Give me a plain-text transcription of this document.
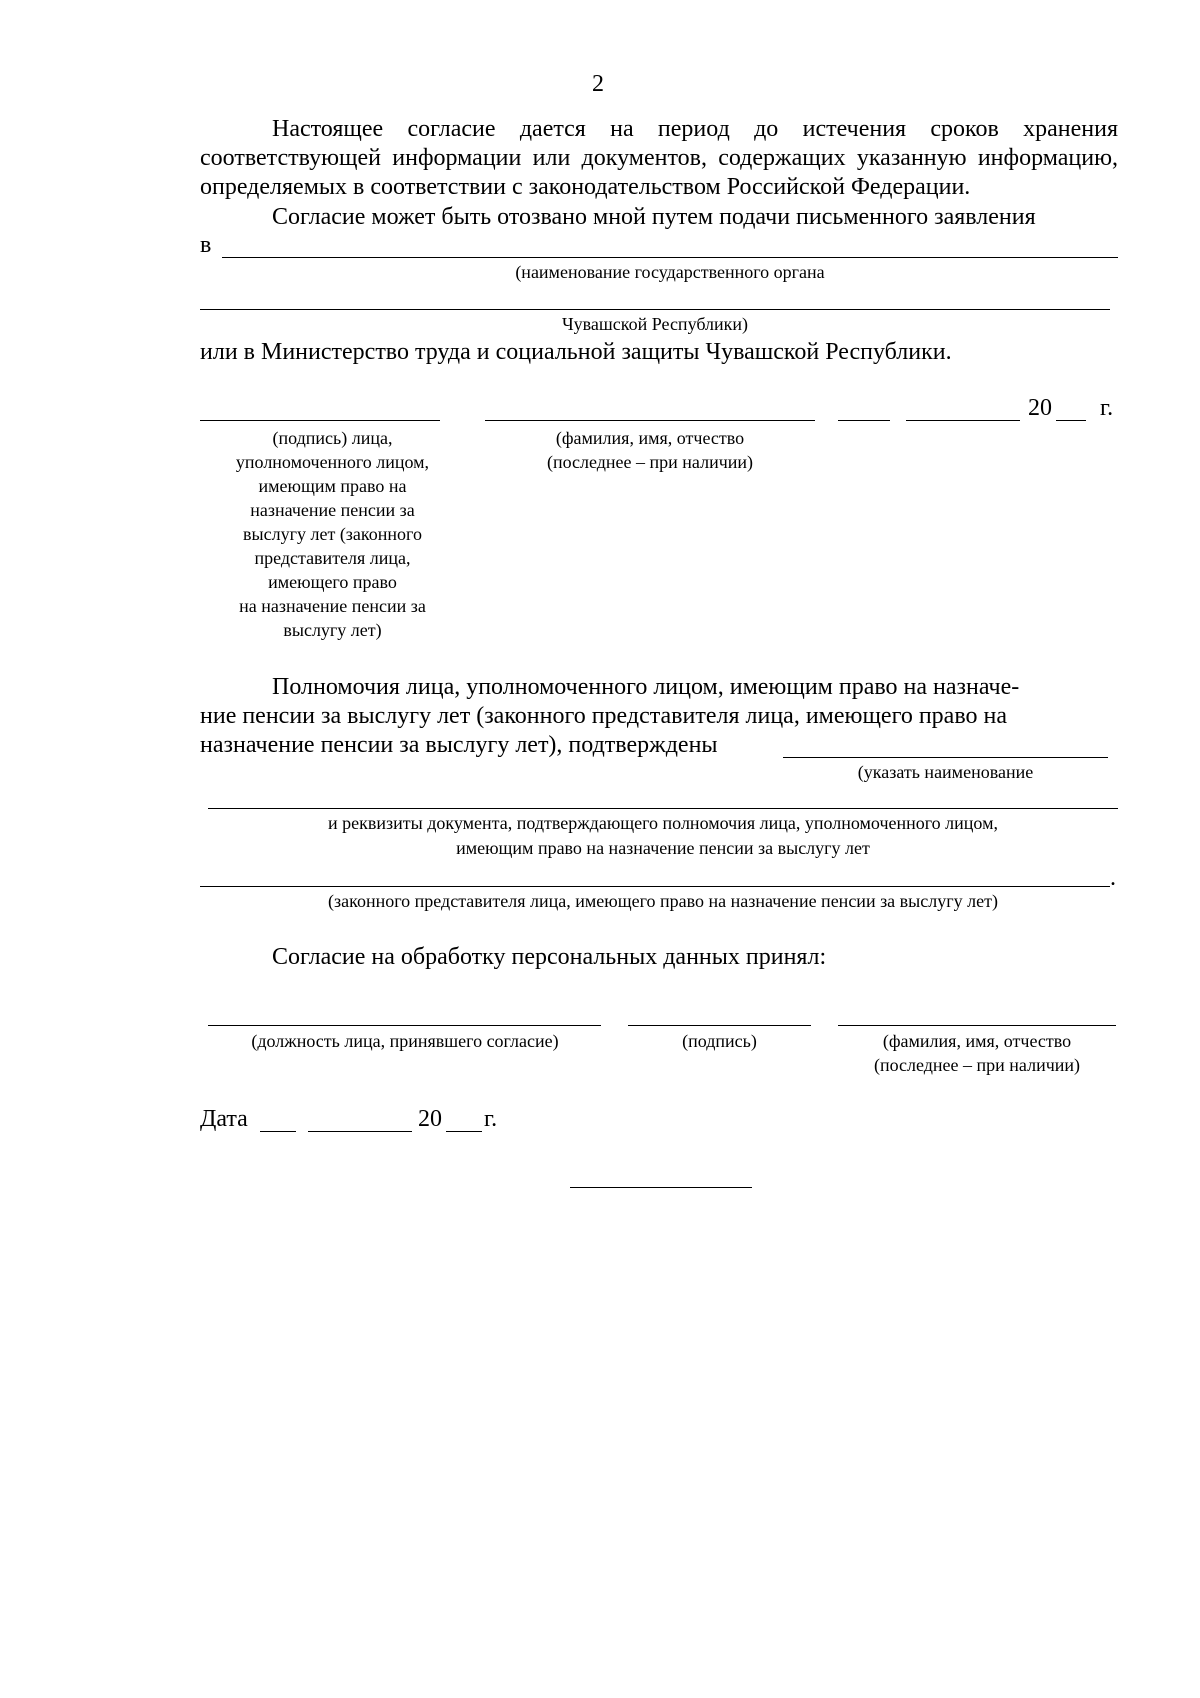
2
Настоящее согласие дается на период до истечения сроков хранения соответствующей информации или документов, содержащих указанную информацию, определяемых в соответствии с законодательством Российской Федерации.
Согласие может быть отозвано мной путем подачи письменного заявления
в
(наименование государственного органа
Чувашской Республики)
или в Министерство труда и социальной защиты Чувашской Республики.
20 г.
(подпись) лица,
уполномоченного лицом,
имеющим право на
назначение пенсии за
выслугу лет (законного
представителя лица,
имеющего право
на назначение пенсии за
выслугу лет)
(фамилия, имя, отчество
(последнее – при наличии)
Полномочия лица, уполномоченного лицом, имеющим право на назначе-
ние пенсии за выслугу лет (законного представителя лица, имеющего право на
назначение пенсии за выслугу лет), подтверждены
(указать наименование
и реквизиты документа, подтверждающего полномочия лица, уполномоченного лицом,
имеющим право на назначение пенсии за выслугу лет
.
(законного представителя лица, имеющего право на назначение пенсии за выслугу лет)
Согласие на обработку персональных данных принял:
(должность лица, принявшего согласие)	(подпись)	(фамилия, имя, отчество
(последнее – при наличии)
Дата	20 г.
